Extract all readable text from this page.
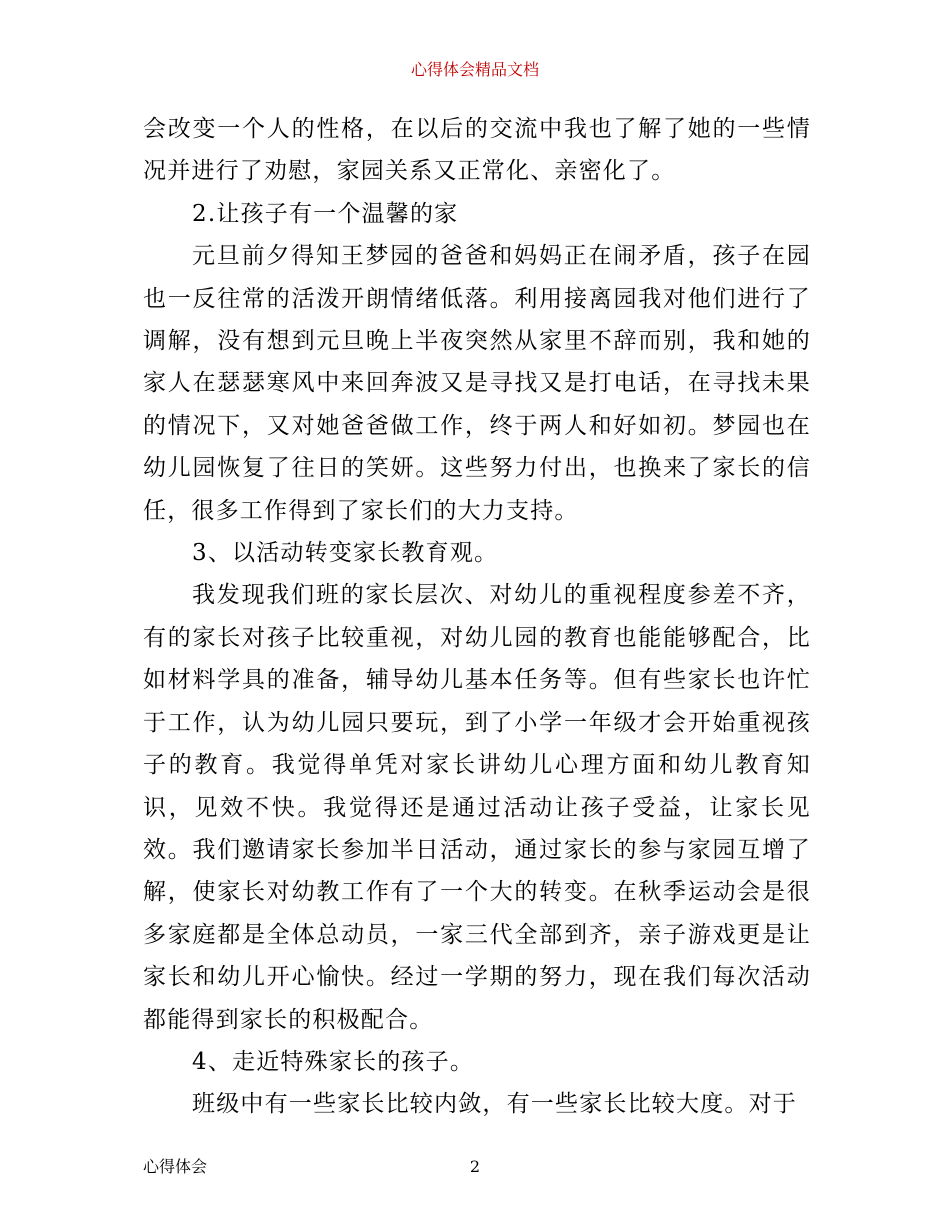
心得体会精品文档

会改变一个人的性格，在以后的交流中我也了解了她的一些情况并进行了劝慰，家园关系又正常化、亲密化了。

2.让孩子有一个温馨的家

元旦前夕得知王梦园的爸爸和妈妈正在闹矛盾，孩子在园也一反往常的活泼开朗情绪低落。利用接离园我对他们进行了调解，没有想到元旦晚上半夜突然从家里不辞而别，我和她的家人在瑟瑟寒风中来回奔波又是寻找又是打电话，在寻找未果的情况下，又对她爸爸做工作，终于两人和好如初。梦园也在幼儿园恢复了往日的笑妍。这些努力付出，也换来了家长的信任，很多工作得到了家长们的大力支持。

3、以活动转变家长教育观。

我发现我们班的家长层次、对幼儿的重视程度参差不齐，有的家长对孩子比较重视，对幼儿园的教育也能能够配合，比如材料学具的准备，辅导幼儿基本任务等。但有些家长也许忙于工作，认为幼儿园只要玩，到了小学一年级才会开始重视孩子的教育。我觉得单凭对家长讲幼儿心理方面和幼儿教育知识，见效不快。我觉得还是通过活动让孩子受益，让家长见效。我们邀请家长参加半日活动，通过家长的参与家园互增了解，使家长对幼教工作有了一个大的转变。在秋季运动会是很多家庭都是全体总动员，一家三代全部到齐，亲子游戏更是让家长和幼儿开心愉快。经过一学期的努力，现在我们每次活动都能得到家长的积极配合。

4、走近特殊家长的孩子。

班级中有一些家长比较内敛，有一些家长比较大度。对于

心得体会	2
